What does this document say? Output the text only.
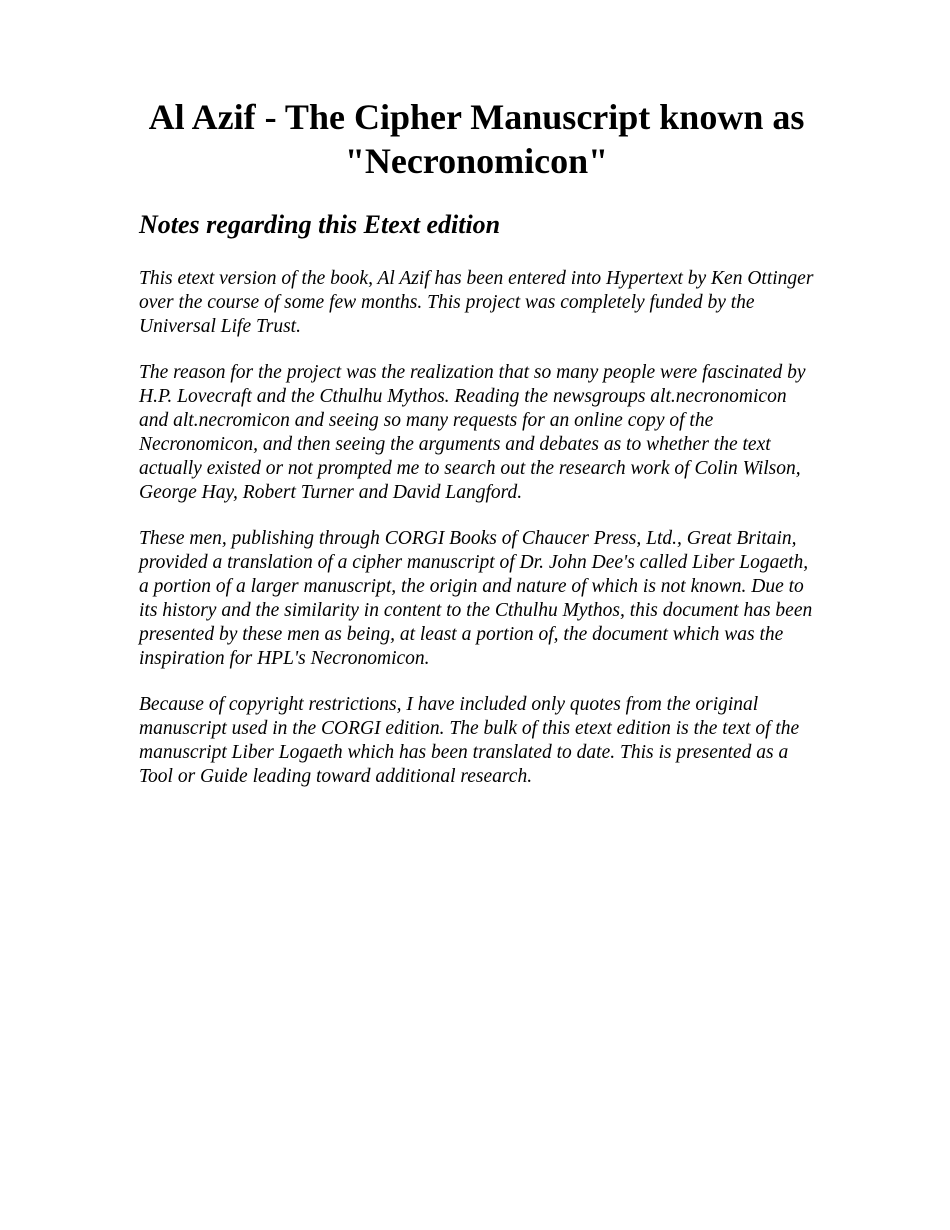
Al Azif - The Cipher Manuscript known as "Necronomicon"
Notes regarding this Etext edition

This etext version of the book, Al Azif has been entered into Hypertext by Ken Ottinger over the course of some few months. This project was completely funded by the Universal Life Trust.

The reason for the project was the realization that so many people were fascinated by H.P. Lovecraft and the Cthulhu Mythos. Reading the newsgroups alt.necronomicon and alt.necromicon and seeing so many requests for an online copy of the Necronomicon, and then seeing the arguments and debates as to whether the text actually existed or not prompted me to search out the research work of Colin Wilson, George Hay, Robert Turner and David Langford.

These men, publishing through CORGI Books of Chaucer Press, Ltd., Great Britain, provided a translation of a cipher manuscript of Dr. John Dee's called Liber Logaeth, a portion of a larger manuscript, the origin and nature of which is not known. Due to its history and the similarity in content to the Cthulhu Mythos, this document has been presented by these men as being, at least a portion of, the document which was the inspiration for HPL's Necronomicon.

Because of copyright restrictions, I have included only quotes from the original manuscript used in the CORGI edition. The bulk of this etext edition is the text of the manuscript Liber Logaeth which has been translated to date. This is presented as a Tool or Guide leading toward additional research.
